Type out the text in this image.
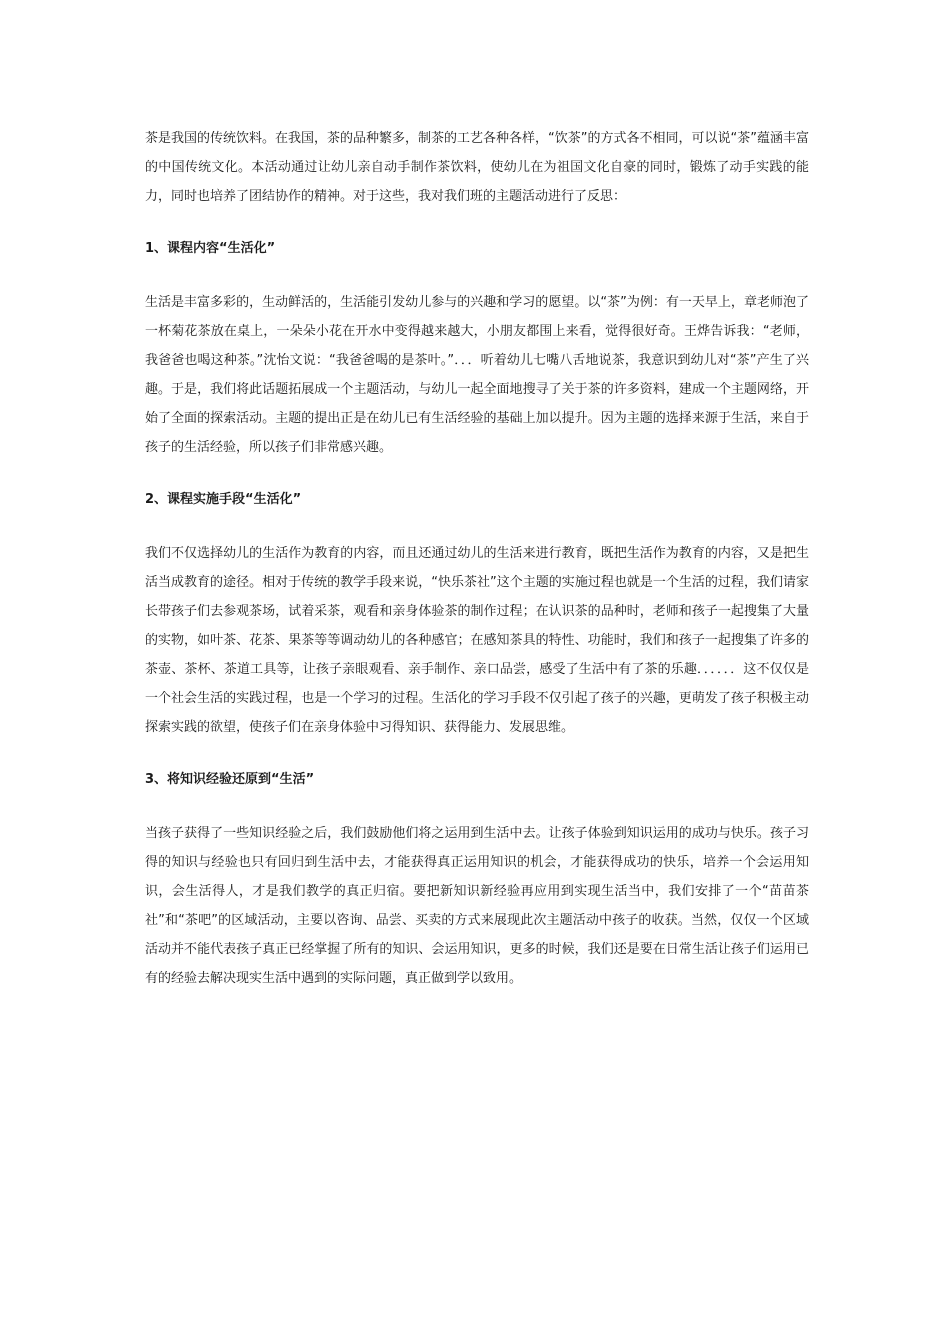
茶是我国的传统饮料。在我国，茶的品种繁多，制茶的工艺各种各样，“饮茶”的方式各不相同，可以说“茶”蕴涵丰富的中国传统文化。本活动通过让幼儿亲自动手制作茶饮料，使幼儿在为祖国文化自豪的同时，锻炼了动手实践的能力，同时也培养了团结协作的精神。对于这些，我对我们班的主题活动进行了反思：

1、课程内容“生活化”

生活是丰富多彩的，生动鲜活的，生活能引发幼儿参与的兴趣和学习的愿望。以“茶”为例：有一天早上，章老师泡了一杯菊花茶放在桌上，一朵朵小花在开水中变得越来越大，小朋友都围上来看，觉得很好奇。王烨告诉我：“老师，我爸爸也喝这种茶。”沈怡文说：“我爸爸喝的是茶叶。”．．．听着幼儿七嘴八舌地说茶，我意识到幼儿对“茶”产生了兴趣。于是，我们将此话题拓展成一个主题活动，与幼儿一起全面地搜寻了关于茶的许多资料，建成一个主题网络，开始了全面的探索活动。主题的提出正是在幼儿已有生活经验的基础上加以提升。因为主题的选择来源于生活，来自于孩子的生活经验，所以孩子们非常感兴趣。

2、课程实施手段“生活化”

我们不仅选择幼儿的生活作为教育的内容，而且还通过幼儿的生活来进行教育，既把生活作为教育的内容，又是把生活当成教育的途径。相对于传统的教学手段来说，“快乐茶社”这个主题的实施过程也就是一个生活的过程，我们请家长带孩子们去参观茶场，试着采茶，观看和亲身体验茶的制作过程；在认识茶的品种时，老师和孩子一起搜集了大量的实物，如叶茶、花茶、果茶等等调动幼儿的各种感官；在感知茶具的特性、功能时，我们和孩子一起搜集了许多的茶壶、茶杯、茶道工具等，让孩子亲眼观看、亲手制作、亲口品尝，感受了生活中有了茶的乐趣．．．．．．这不仅仅是一个社会生活的实践过程，也是一个学习的过程。生活化的学习手段不仅引起了孩子的兴趣，更萌发了孩子积极主动探索实践的欲望，使孩子们在亲身体验中习得知识、获得能力、发展思维。

3、将知识经验还原到“生活”

当孩子获得了一些知识经验之后，我们鼓励他们将之运用到生活中去。让孩子体验到知识运用的成功与快乐。孩子习得的知识与经验也只有回归到生活中去，才能获得真正运用知识的机会，才能获得成功的快乐，培养一个会运用知识，会生活得人，才是我们教学的真正归宿。要把新知识新经验再应用到实现生活当中，我们安排了一个“苗苗茶社”和“茶吧”的区域活动，主要以咨询、品尝、买卖的方式来展现此次主题活动中孩子的收获。当然，仅仅一个区域活动并不能代表孩子真正已经掌握了所有的知识、会运用知识，更多的时候，我们还是要在日常生活让孩子们运用已有的经验去解决现实生活中遇到的实际问题，真正做到学以致用。
